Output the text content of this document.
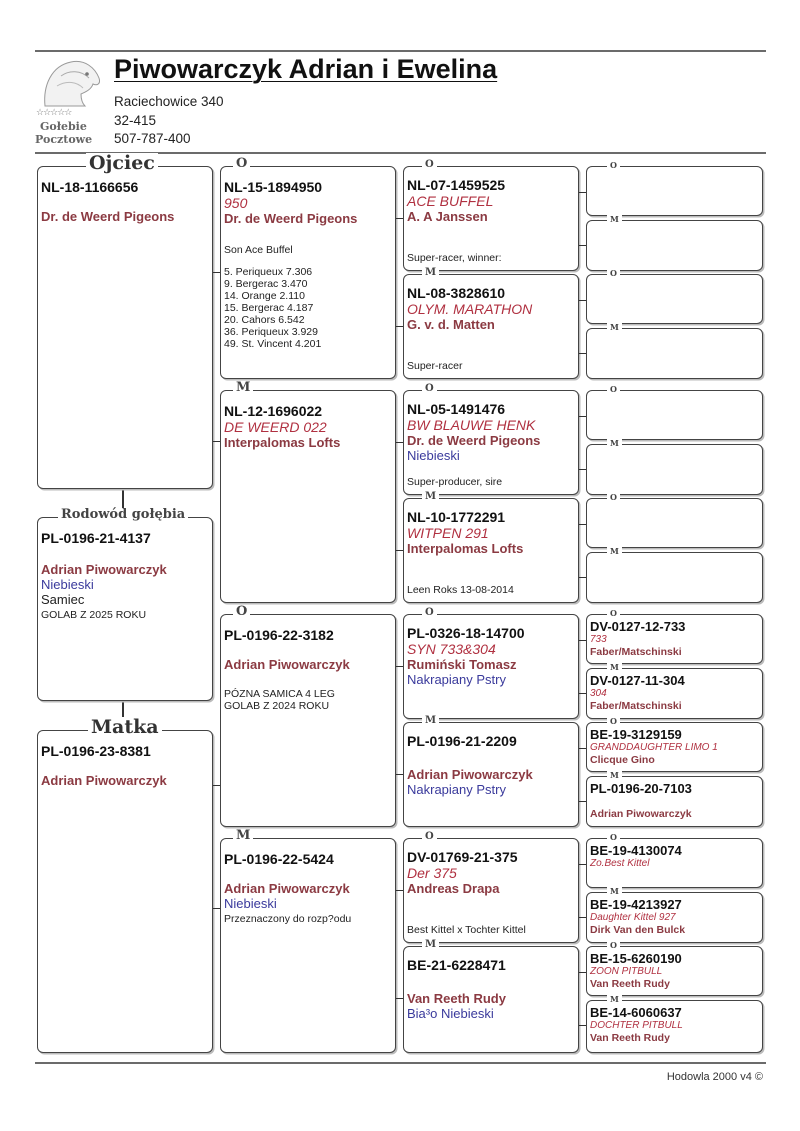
☆☆☆☆☆
Gołebie
Pocztowe
Piwowarczyk Adrian i Ewelina
Raciechowice 340
32-415
507-787-400
Ojciec
NL-18-1166656
Dr. de Weerd Pigeons
Rodowód gołębia
PL-0196-21-4137
Adrian Piwowarczyk
Niebieski
Samiec
GOLAB Z 2025 ROKU
Matka
PL-0196-23-8381
Adrian Piwowarczyk
O
NL-15-1894950
950
Dr. de Weerd Pigeons
Son Ace Buffel
5. Periqueux 7.306
9. Bergerac 3.470
14. Orange 2.110
15. Bergerac 4.187
20. Cahors 6.542
36. Periqueux 3.929
49. St. Vincent 4.201
M
NL-12-1696022
DE WEERD 022
Interpalomas Lofts
O
PL-0196-22-3182
Adrian Piwowarczyk
PÓZNA SAMICA 4 LEG
GOLAB Z 2024 ROKU
M
PL-0196-22-5424
Adrian Piwowarczyk
Niebieski
Przeznaczony do rozp?odu
O
NL-07-1459525
ACE BUFFEL
A. A Janssen
Super-racer, winner:
M
NL-08-3828610
OLYM. MARATHON
G. v. d. Matten
Super-racer
O
NL-05-1491476
BW BLAUWE HENK
Dr. de Weerd Pigeons
Niebieski
Super-producer, sire
M
NL-10-1772291
WITPEN 291
Interpalomas Lofts
Leen Roks 13-08-2014
O
PL-0326-18-14700
SYN 733&304
Rumiński Tomasz
Nakrapiany Pstry
M
PL-0196-21-2209
Adrian Piwowarczyk
Nakrapiany Pstry
O
DV-01769-21-375
Der 375
Andreas Drapa
Best Kittel x Tochter Kittel
M
BE-21-6228471
Van Reeth Rudy
Bia³o Niebieski
O
M
O
M
O
M
O
M
O
DV-0127-12-733
733
Faber/Matschinski
M
DV-0127-11-304
304
Faber/Matschinski
O
BE-19-3129159
GRANDDAUGHTER LIMO 1
Clicque Gino
M
PL-0196-20-7103
Adrian Piwowarczyk
O
BE-19-4130074
Zo.Best Kittel
M
BE-19-4213927
Daughter Kittel 927
Dirk Van den Bulck
O
BE-15-6260190
ZOON PITBULL
Van Reeth Rudy
M
BE-14-6060637
DOCHTER PITBULL
Van Reeth Rudy
Hodowla 2000 v4 ©
